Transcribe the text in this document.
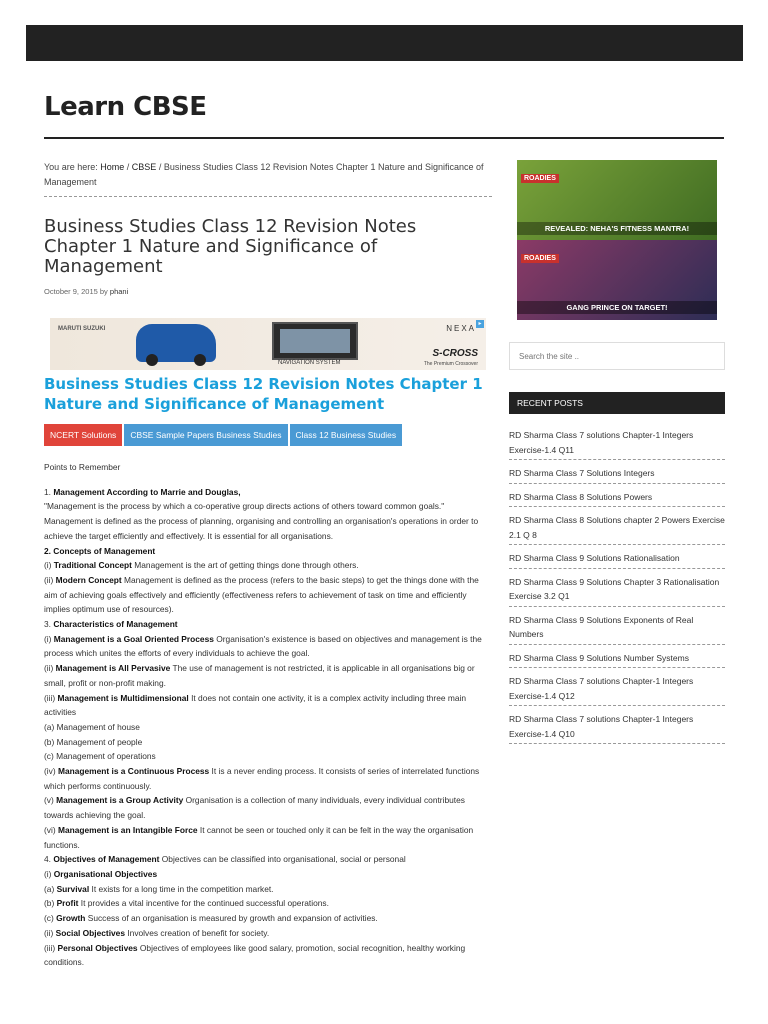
Learn CBSE
You are here: Home / CBSE / Business Studies Class 12 Revision Notes Chapter 1 Nature and Significance of Management
Business Studies Class 12 Revision Notes Chapter 1 Nature and Significance of Management
October 9, 2015 by phani
MARUTI SUZUKI
NAVIGATION SYSTEM
NEXA
S-CROSS
The Premium Crossover
▸
Business Studies Class 12 Revision Notes Chapter 1 Nature and Significance of Management
NCERT Solutions	CBSE Sample Papers Business Studies	Class 12 Business Studies

Points to Remember

1. Management According to Marrie and Douglas,

"Management is the process by which a co-operative group directs actions of others toward common goals."

Management is defined as the process of planning, organising and controlling an organisation's operations in order to achieve the target efficiently and effectively. It is essential for all organisations.

2. Concepts of Management

(i) Traditional Concept Management is the art of getting things done through others.

(ii) Modern Concept Management is defined as the process (refers to the basic steps) to get the things done with the aim of achieving goals effectively and efficiently (effectiveness refers to achievement of task on time and efficiently implies optimum use of resources).

3. Characteristics of Management

(i) Management is a Goal Oriented Process Organisation's existence is based on objectives and management is the process which unites the efforts of every individuals to achieve the goal.

(ii) Management is All Pervasive The use of management is not restricted, it is applicable in all organisations big or small, profit or non-profit making.

(iii) Management is Multidimensional It does not contain one activity, it is a complex activity including three main activities

(a) Management of house

(b) Management of people

(c) Management of operations

(iv) Management is a Continuous Process It is a never ending process. It consists of series of interrelated functions which performs continuously.

(v) Management is a Group Activity Organisation is a collection of many individuals, every individual contributes towards achieving the goal.

(vi) Management is an Intangible Force It cannot be seen or touched only it can be felt in the way the organisation functions.

4. Objectives of Management Objectives can be classified into organisational, social or personal

(i) Organisational Objectives

(a) Survival It exists for a long time in the competition market.

(b) Profit It provides a vital incentive for the continued successful operations.

(c) Growth Success of an organisation is measured by growth and expansion of activities.

(ii) Social Objectives Involves creation of benefit for society.

(iii) Personal Objectives Objectives of employees like good salary, promotion, social recognition, healthy working conditions.

ROADIES
ROADIES
REVEALED: NEHA'S FITNESS MANTRA!
GANG PRINCE ON TARGET!
Search the site ..
RECENT POSTS
RD Sharma Class 7 solutions Chapter-1 Integers Exercise-1.4 Q11
RD Sharma Class 7 Solutions Integers
RD Sharma Class 8 Solutions Powers
RD Sharma Class 8 Solutions chapter 2 Powers Exercise 2.1 Q 8
RD Sharma Class 9 Solutions Rationalisation
RD Sharma Class 9 Solutions Chapter 3 Rationalisation Exercise 3.2 Q1
RD Sharma Class 9 Solutions Exponents of Real Numbers
RD Sharma Class 9 Solutions Number Systems
RD Sharma Class 7 solutions Chapter-1 Integers Exercise-1.4 Q12
RD Sharma Class 7 solutions Chapter-1 Integers Exercise-1.4 Q10
